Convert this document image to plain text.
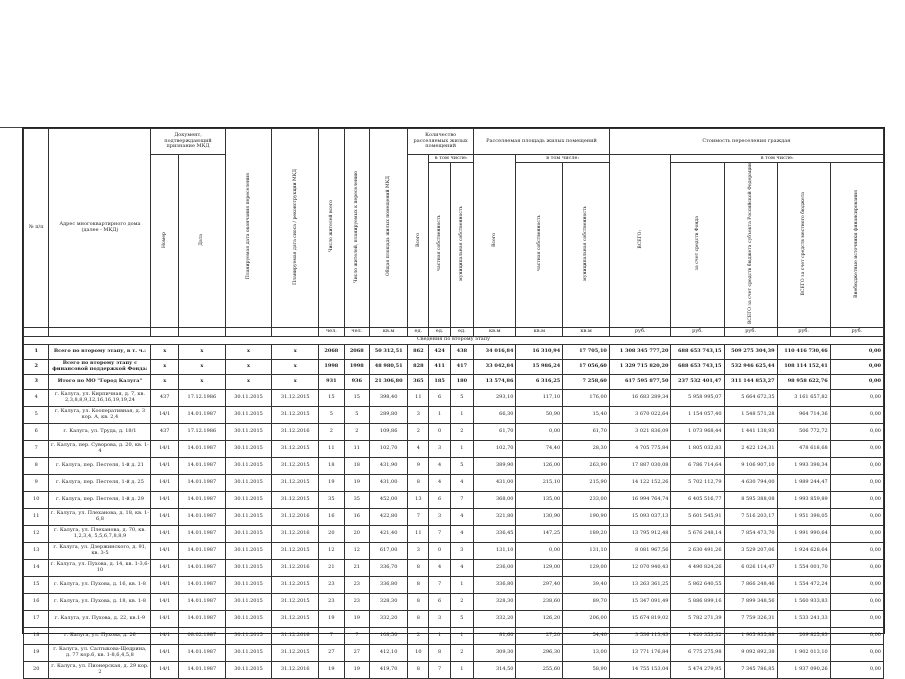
№ п/п	Адрес многоквартирного дома (далее - МКД)	Документ, подтверждающий признание МКД		Планируемая дата окончания переселения	Планируемая дата сноса / реконструкции МКД	Число жителей всего	Число жителей, планируемых к переселению	Общая площадь жилых помещений МКД	Количество расселяемых жилых помещений			Расселяемая площадь жилых помещений			Стоимость переселения граждан				
		Номер	Дата						Всего	в том числе:		Всего	в том числе:		ВСЕГО:	в том числе:			
										частная собственность	муниципальная собственность		частная собственность	муниципальная собственность		за счет средств Фонда	ВСЕГО за счет средств бюджета субъекта Российской Федерации	ВСЕГО за счет средств местного бюджета	Внебюджетные источники финансирования
						чел.	чел.	кв.м	ед.	ед.	ед.	кв.м	кв.м	кв.м	руб.	руб.	руб.	руб.	руб.
Сведения по второму этапу																			
1	Всего по второму этапу, в т. ч.:	x	x	x	x	2068	2068	50 312,51	862	424	438	34 016,84	16 310,94	17 705,10	1 308 345 777,20	688 653 743,15	509 275 304,39	110 416 730,46	0,00
2	Всего по второму этапу с финансовой поддержкой Фонда:	x	x	x	x	1998	1998	48 980,51	828	411	417	33 042,84	15 986,24	17 056,60	1 329 715 820,20	688 653 743,15	532 946 625,44	108 114 152,41	0,00
3	Итого по МО "Город Калуга"	x	x	x	x	931	936	21 306,80	365	185	180	13 574,86	6 316,25	7 258,60	617 595 877,50	237 532 401,47	311 144 853,27	98 958 622,76	0,00
4	г. Калуга, ул. Кирпичная, д. 7, кв. 2,3,8,8,9,12,16,16,19,19,24	437	17.12.1986	30.11.2015	31.12.2015	15	15	398,40	11	6	5	293,10	117,10	176,00	16 683 289,34	5 958 995,07	5 664 672,35	3 161 657,82	0,00
5	г. Калуга, ул. Кооперативная, д. 3 кор. А, кв. 2,4	14/1	14.01.1987	30.11.2015	31.12.2015	5	5	289,80	3	1	1	66,30	50,90	15,40	3 670 022,64	1 154 057,40	1 548 571,28	964 714,36	0,00
6	г. Калуга, ул. Труда, д. 18/1	437	17.12.1986	30.11.2015	31.12.2016	2	2	109,86	2	0	2	61,70	0,00	61,70	3 021 836,09	1 073 968,44	1 441 138,93	506 772,72	0,00
7	г. Калуга, пер. Суворова, д. 20, кв. 1-4	14/1	14.01.1987	30.11.2015	31.12.2015	11	11	102,70	4	3	1	102,70	74,40	28,30	4 705 775,84	1 805 032,83	2 422 124,31	478 618,68	0,00
8	г. Калуга, пер. Пестеля, 1-й д. 21	14/1	14.01.1987	30.11.2015	31.12.2015	18	18	431,90	9	4	5	389,90	126,00	263,90	17 887 030,08	6 786 714,64	9 106 907,10	1 993 398,34	0,00
9	г. Калуга, пер. Пестеля, 1-й д. 25	14/1	14.01.1987	30.11.2015	31.12.2015	19	19	431,00	8	4	4	431,00	215,10	215,90	14 122 152,26	5 702 112,79	4 630 794,00	1 989 244,47	0,00
10	г. Калуга, пер. Пестеля, 1-й д. 29	14/1	14.01.1987	30.11.2015	31.12.2015	35	35	452,00	13	6	7	368,00	135,00	233,00	16 994 764,74	6 405 516,77	8 595 388,08	1 993 859,89	0,00
11	г. Калуга, ул. Плеханова, д. 18, кв. 1-6,8	14/1	14.01.1987	30.11.2015	31.12.2016	16	16	422,80	7	3	4	321,80	130,90	190,90	15 093 037,13	5 601 545,91	7 516 203,17	1 951 398,05	0,00
12	г. Калуга, ул. Плеханова, д. 70, кв. 1,2,3,4, 5,5,6,7,8,8,9	14/1	14.01.1987	30.11.2015	31.12.2016	20	20	421,40	11	7	4	336,45	147,25	189,20	13 795 912,48	5 676 248,14	7 854 473,70	1 991 990,64	0,00
13	г. Калуга, ул. Дзержинского, д. 91, кв. 3-5	14/1	14.01.1987	30.11.2015	31.12.2015	12	12	617,00	3	0	3	131,10	0,00	131,10	8 081 967,56	2 630 491,26	3 529 207,06	1 924 628,64	0,00
14	г. Калуга, ул. Пухова, д. 14, кв. 1-3,6-10	14/1	14.01.1987	30.11.2015	31.12.2016	21	21	336,70	8	4	4	236,00	129,00	129,00	12 070 940,43	4 490 824,26	6 026 114,47	1 554 001,70	0,00
15	г. Калуга, ул. Пухова, д. 16, кв. 1-8	14/1	14.01.1987	30.11.2015	31.12.2015	23	23	336,80	8	7	1	336,80	297,40	39,40	13 263 361,25	5 862 640,55	7 866 248,46	1 554 472,24	0,00
16	г. Калуга, ул. Пухова, д. 18, кв. 1-8	14/1	14.01.1987	30.11.2015	31.12.2015	23	23	328,30	8	6	2	328,30	238,60	89,70	15 347 091,49	5 886 899,16	7 899 348,56	1 560 933,83	0,00
17	г. Калуга, ул. Пухова, д. 22, кв.1-9	14/1	14.01.1987	30.11.2015	31.12.2015	19	19	332,20	8	3	5	332,20	126,20	206,00	15 674 819,02	5 782 271,39	7 759 326,31	1 533 241,33	0,00
18	г. Калуга, ул. Пухова, д. 26	14/1	08.02.1987	30.11.2015	31.12.2016	7	7	108,50	2	1	1	81,60	27,20	54,40	3 536 113,43	1 420 353,32	1 905 935,88	209 825,83	0,00
19	г. Калуга, ул. Салтыкова-Щедрина, д. 77 кор.6, кв. 1-8,6,4,5,8	14/1	14.01.1987	30.11.2015	31.12.2015	27	27	412,10	10	8	2	309,30	296,30	13,00	13 771 176,84	6 775 275,98	9 092 892,38	1 902 013,10	0,00
20	г. Калуга, ул. Пионерская, д. 29 кор. 2	14/1	14.01.1987	30.11.2015	31.12.2016	19	19	419,70	8	7	1	314,50	255,60	58,90	14 755 153,04	5 474 279,95	7 345 786,85	1 937 090,26	0,00
